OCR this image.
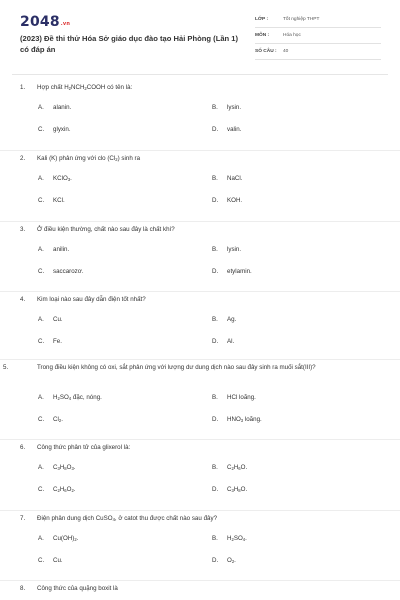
$2048_{.vn}$
(2023) Đề thi thử Hóa Sở giáo dục đào tạo Hải Phòng (Lần 1) có đáp án
LỚP :	Tốt nghiệp THPT
MÔN :	Hóa học
SỐ CÂU : 40
1. Hợp chất $H_2NCH_2COOH$ có tên là:
A. alanin.	B. lysin.
C. glyxin.	D. valin.
2. Kali (K) phản ứng với clo $(Cl_2)$ sinh ra
A. KClO$_3$.	B. NaCl.
C. KCl.	D. KOH.
3. Ở điều kiện thường, chất nào sau đây là chất khí?
A. anilin.	B. lysin.
C. saccarozơ.	D. etylamin.
4. Kim loại nào sau đây dẫn điện tốt nhất?
A. Cu.	B. Ag.
C. Fe.	D. Al.
5.	Trong điều kiện không có oxi, sắt phản ứng với lượng dư dung dịch nào sau đây sinh ra muối sắt(III)?
A. $H_2SO_4$ đặc, nóng.	B. HCl loãng.
C. $Cl_2$.	D. $HNO_3$ loãng.
6. Công thức phân tử của glixerol là:
A. $C_3H_8O_3$.	B. $C_2H_6O$.
C. $C_2H_6O_2$.	D. $C_3H_8O$.
7. Điện phân dung dịch CuSO$_4$, ở catot thu được chất nào sau đây?
A. $Cu(OH)_2$.	B. $H_2SO_4$.
C. Cu.	D. $O_2$.
8. Công thức của quặng boxit là
